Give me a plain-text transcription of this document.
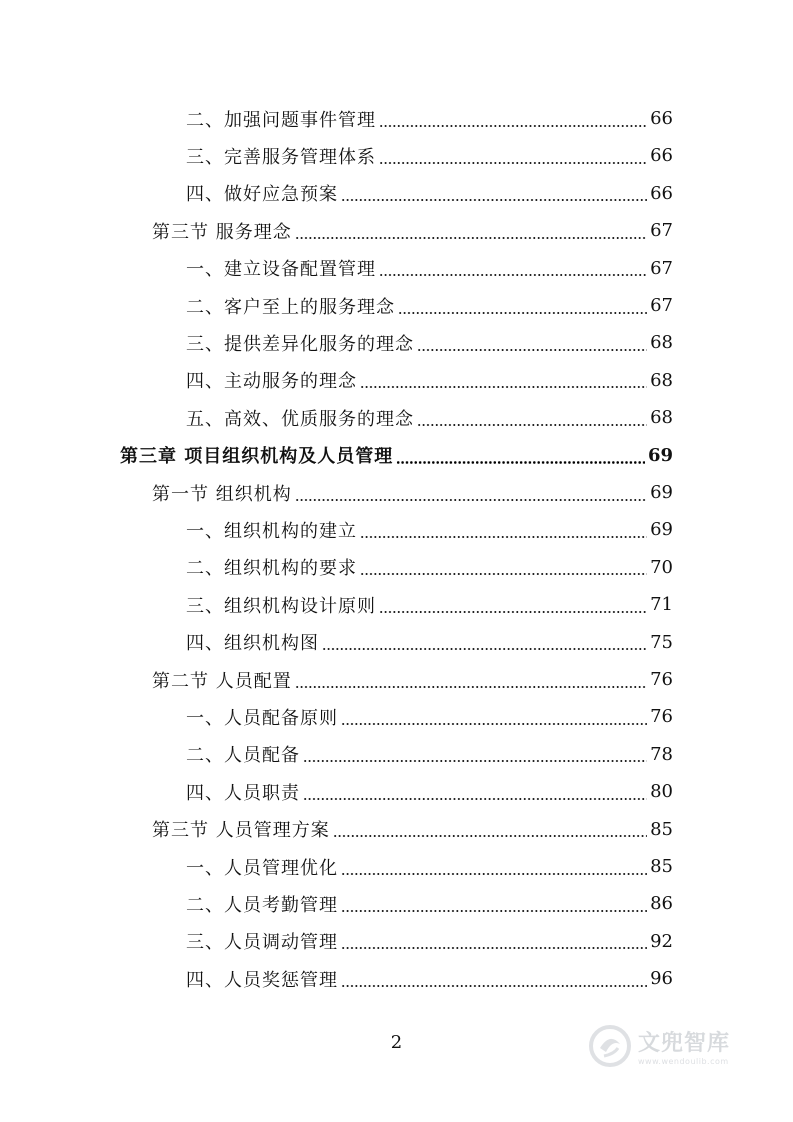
二、加强问题事件管理	66
三、完善服务管理体系	66
四、做好应急预案	66
第三节 服务理念	67
一、建立设备配置管理	67
二、客户至上的服务理念	67
三、提供差异化服务的理念	68
四、主动服务的理念	68
五、高效、优质服务的理念	68
第三章 项目组织机构及人员管理	69
第一节 组织机构	69
一、组织机构的建立	69
二、组织机构的要求	70
三、组织机构设计原则	71
四、组织机构图	75
第二节 人员配置	76
一、人员配备原则	76
二、人员配备	78
四、人员职责	80
第三节 人员管理方案	85
一、人员管理优化	85
二、人员考勤管理	86
三、人员调动管理	92
四、人员奖惩管理	96
2	文兜智库
www.wendoulib.com
